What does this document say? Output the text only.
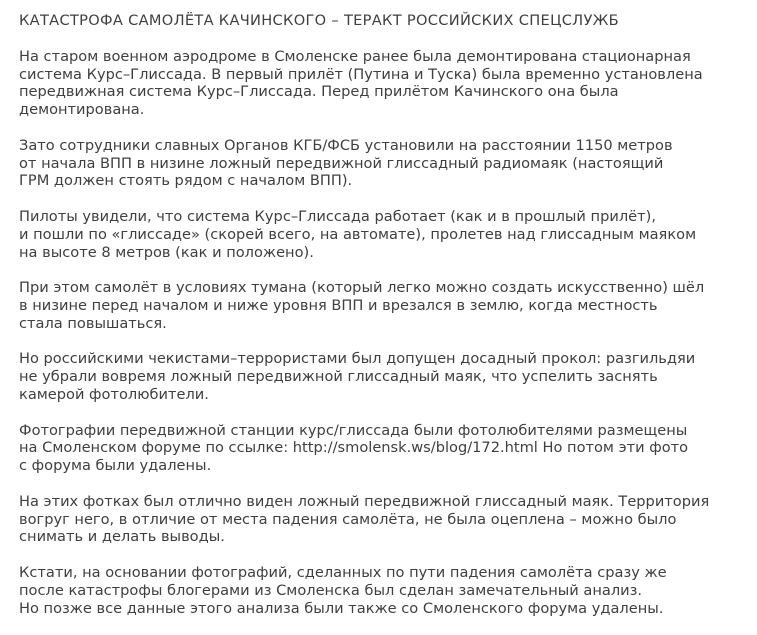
КАТАСТРОФА САМОЛЁТА КАЧИНСКОГО – ТЕРАКТ РОССИЙСКИХ СПЕЦСЛУЖБ
На старом военном аэродроме в Смоленске ранее была демонтирована стационарная
система Курс–Глиссада. В первый прилёт (Путина и Туска) была временно установлена
передвижная система Курс–Глиссада. Перед прилётом Качинского она была
демонтирована.
Зато сотрудники славных Органов КГБ/ФСБ установили на расстоянии 1150 метров
от начала ВПП в низине ложный передвижной глиссадный радиомаяк (настоящий
ГРМ должен стоять рядом с началом ВПП).
Пилоты увидели, что система Курс–Глиссада работает (как и в прошлый прилёт),
и пошли по «глиссаде» (скорей всего, на автомате), пролетев над глиссадным маяком
на высоте 8 метров (как и положено).
При этом самолёт в условиях тумана (который легко можно создать искусственно) шёл
в низине перед началом и ниже уровня ВПП и врезался в землю, когда местность
стала повышаться.
Но российскими чекистами–террористами был допущен досадный прокол: разгильдяи
не убрали вовремя ложный передвижной глиссадный маяк, что успелить заснять
камерой фотолюбители.
Фотографии передвижной станции курс/глиссада были фотолюбителями размещены
на Смоленском форуме по ссылке: http://smolensk.ws/blog/172.html Но потом эти фото
с форума были удалены.
На этих фотках был отлично виден ложный передвижной глиссадный маяк. Территория
вогруг него, в отличие от места падения самолёта, не была оцеплена – можно было
снимать и делать выводы.
Кстати, на основании фотографий, сделанных по пути падения самолёта сразу же
после катастрофы блогерами из Смоленска был сделан замечательный анализ.
Но позже все данные этого анализа были также со Смоленского форума удалены.
